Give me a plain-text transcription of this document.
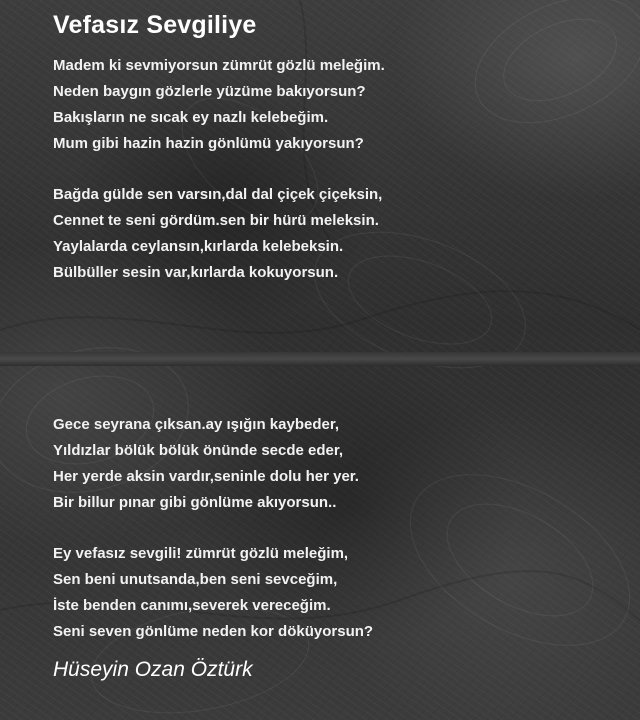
Vefasız Sevgiliye
Madem ki sevmiyorsun zümrüt gözlü meleğim.
Neden baygın gözlerle yüzüme bakıyorsun?
Bakışların ne sıcak ey nazlı kelebeğim.
Mum gibi hazin hazin gönlümü yakıyorsun?
Bağda gülde sen varsın,dal dal çiçek çiçeksin,
Cennet te seni gördüm.sen bir hürü meleksin.
Yaylalarda ceylansın,kırlarda kelebeksin.
Bülbüller sesin var,kırlarda kokuyorsun.
Gece seyrana çıksan.ay ışığın kaybeder,
Yıldızlar bölük bölük önünde secde eder,
Her yerde aksin vardır,seninle dolu her yer.
Bir billur pınar gibi gönlüme akıyorsun..
Ey vefasız sevgili! zümrüt gözlü meleğim,
Sen beni unutsanda,ben seni sevceğim,
İste benden canımı,severek vereceğim.
Seni seven gönlüme neden kor döküyorsun?
Hüseyin Ozan Öztürk
